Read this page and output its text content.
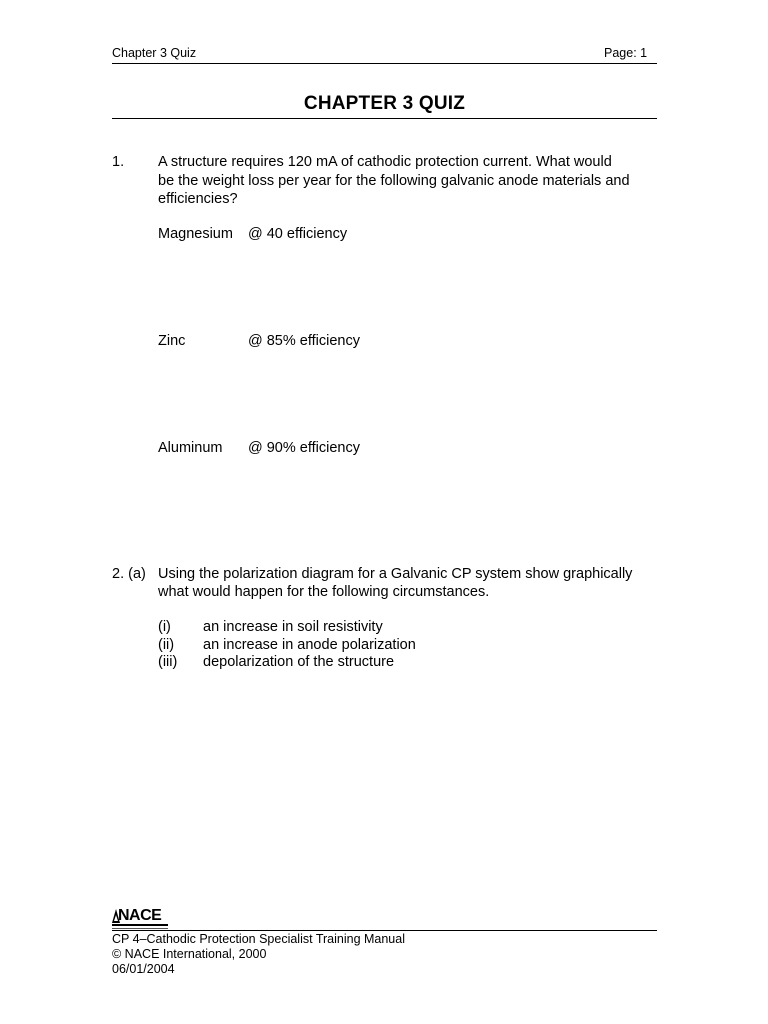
Chapter 3 Quiz	Page: 1
CHAPTER 3 QUIZ
1. A structure requires 120 mA of cathodic protection current. What would
be the weight loss per year for the following galvanic anode materials and
efficiencies?
Magnesium @ 40 efficiency
Zinc	@ 85% efficiency
Aluminum @ 90% efficiency
2. (a) Using the polarization diagram for a Galvanic CP system show graphically
what would happen for the following circumstances.
(i) an increase in soil resistivity
(ii) an increase in anode polarization
(iii) depolarization of the structure
NACE
CP 4–Cathodic Protection Specialist Training Manual
© NACE International, 2000
06/01/2004
